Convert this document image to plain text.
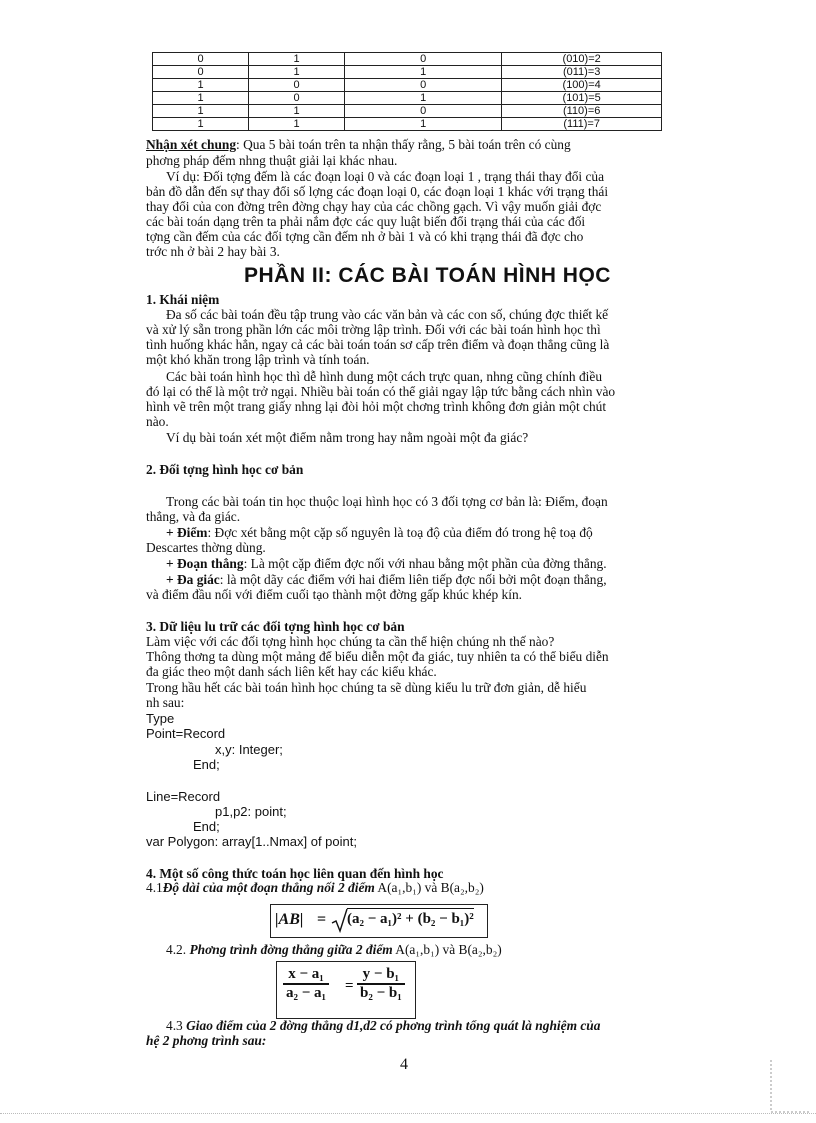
0	1	0	(010)=2
0	1	1	(011)=3
1	0	0	(100)=4
1	0	1	(101)=5
1	1	0	(110)=6
1	1	1	(111)=7
Nhận xét chung: Qua 5 bài toán trên ta nhận thấy rằng, 5 bài toán trên có cùng
phơng pháp đếm nhng thuật giải lại khác nhau.
Ví dụ: Đối tợng đếm là các đoạn loại 0 và các đoạn loại 1 , trạng thái thay đổi của
bản đồ dẫn đến sự thay đổi số lợng các đoạn loại 0, các đoạn loại 1 khác với trạng thái
thay đổi của con đờng trên đờng chạy hay của các chồng gạch. Vì vậy muốn giải đợc
các bài toán dạng trên ta phải nắm đợc các quy luật biến đổi trạng thái của các đối
tợng cần đếm của các đối tợng cần đếm nh ở bài 1 và có khi trạng thái đã đợc cho
trớc nh ở bài 2 hay bài 3.
PHẦN II: CÁC BÀI TOÁN HÌNH HỌC
1. Khái niệm
Đa số các bài toán đều tập trung vào các văn bản và các con số, chúng đợc thiết kế
và xử lý sẵn trong phần lớn các môi trờng lập trình. Đối với các bài toán hình học thì
tình huống khác hẳn, ngay cả các bài toán toán sơ cấp trên điểm và đoạn thẳng cũng là
một khó khăn trong lập trình và tính toán.
Các bài toán hình học thì dễ hình dung một cách trực quan, nhng cũng chính điều
đó lại có thể là một trở ngại. Nhiều bài toán có thể giải ngay lập tức bằng cách nhìn vào
hình vẽ trên một trang giấy nhng lại đòi hỏi một chơng trình không đơn giản một chút
nào.
Ví dụ bài toán xét một điểm nằm trong hay nằm ngoài một đa giác?
2. Đối tợng hình học cơ bản
Trong các bài toán tin học thuộc loại hình học có 3 đối tợng cơ bản là: Điểm, đoạn
thẳng, và đa giác.
+ Điểm: Đợc xét bằng một cặp số nguyên là toạ độ của điểm đó trong hệ toạ độ
Descartes thờng dùng.
+ Đoạn thẳng: Là một cặp điểm đợc nối với nhau bằng một phần của đờng thẳng.
+ Đa giác: là một dãy các điểm với hai điểm liên tiếp đợc nối bởi một đoạn thẳng,
và điểm đầu nối với điểm cuối tạo thành một đờng gấp khúc khép kín.
3. Dữ liệu lu trữ các đối tợng hình học cơ bản
Làm việc với các đối tợng hình học chúng ta cần thể hiện chúng nh thế nào?
Thông thơng ta dùng một mảng để biểu diễn một đa giác, tuy nhiên ta có thể biểu diễn
đa giác theo một danh sách liên kết hay các kiểu khác.
Trong hầu hết các bài toán hình học chúng ta sẽ dùng kiểu lu trữ đơn giản, dễ hiểu
nh sau:
Type
Point=Record
x,y: Integer;
End;
Line=Record
p1,p2: point;
End;
var Polygon: array[1..Nmax] of point;
4. Một số công thức toán học liên quan đến hình học
4.1Độ dài của một đoạn thẳng nối 2 điểm A(a₁,b₁) và B(a₂,b₂)
|AB| = (a₂ − a₁)² + (b₂ − b₁)²
4.2. Phơng trình đờng thẳng giữa 2 điểm A(a₁,b₁) và B(a₂,b₂)
$\frac{\text{x − a₁}}{\text{a₂ − a₁}} = \frac{\text{y − b₁}}{\text{b₂ − b₁}}$
4.3 Giao điểm của 2 đờng thẳng d1,d2 có phơng trình tổng quát là nghiệm của
hệ 2 phơng trình sau:
4
